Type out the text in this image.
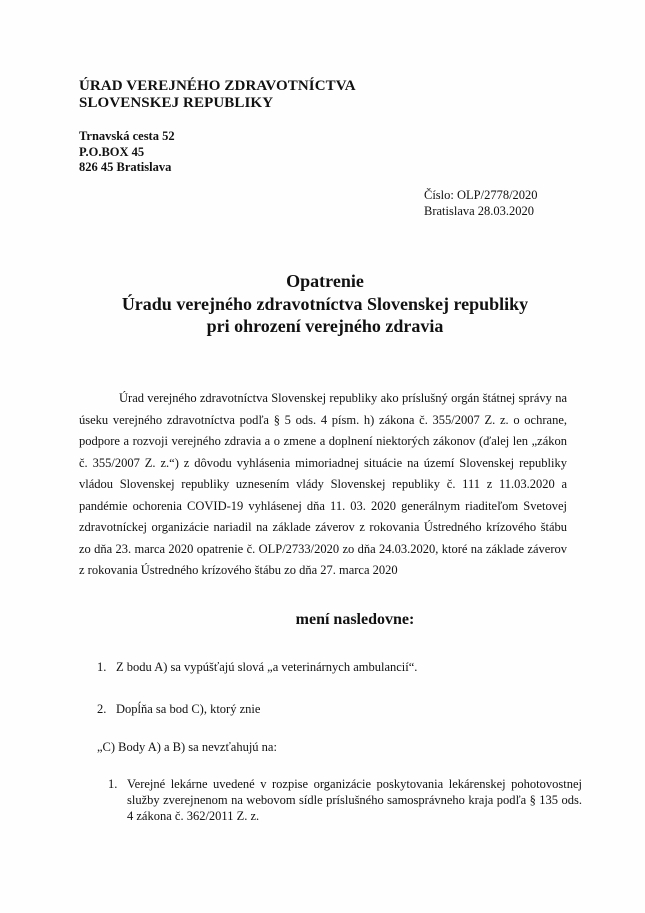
ÚRAD VEREJNÉHO ZDRAVOTNÍCTVA
SLOVENSKEJ REPUBLIKY
Trnavská cesta 52
P.O.BOX 45
826 45 Bratislava
Číslo: OLP/2778/2020
Bratislava 28.03.2020
Opatrenie
Úradu verejného zdravotníctva Slovenskej republiky
pri ohrození verejného zdravia

Úrad verejného zdravotníctva Slovenskej republiky ako príslušný orgán štátnej správy na úseku verejného zdravotníctva podľa § 5 ods. 4 písm. h) zákona č. 355/2007 Z. z. o ochrane, podpore a rozvoji verejného zdravia a o zmene a doplnení niektorých zákonov (ďalej len „zákon č. 355/2007 Z. z.“) z dôvodu vyhlásenia mimoriadnej situácie na území Slovenskej republiky vládou Slovenskej republiky uznesením vlády Slovenskej republiky č. 111 z 11.03.2020 a pandémie ochorenia COVID-19 vyhlásenej dňa 11. 03. 2020 generálnym riaditeľom Svetovej zdravotníckej organizácie nariadil na základe záverov z rokovania Ústredného krízového štábu zo dňa 23. marca 2020 opatrenie č. OLP/2733/2020 zo dňa 24.03.2020, ktoré na základe záverov z rokovania Ústredného krízového štábu zo dňa 27. marca 2020

mení nasledovne:
1. Z bodu A) sa vypúšťajú slová „a veterinárnych ambulancií“.
2. Dopĺňa sa bod C), ktorý znie
„C) Body A) a B) sa nevzťahujú na:
1. Verejné lekárne uvedené v rozpise organizácie poskytovania lekárenskej pohotovostnej služby zverejnenom na webovom sídle príslušného samosprávneho kraja podľa § 135 ods. 4 zákona č. 362/2011 Z. z.
